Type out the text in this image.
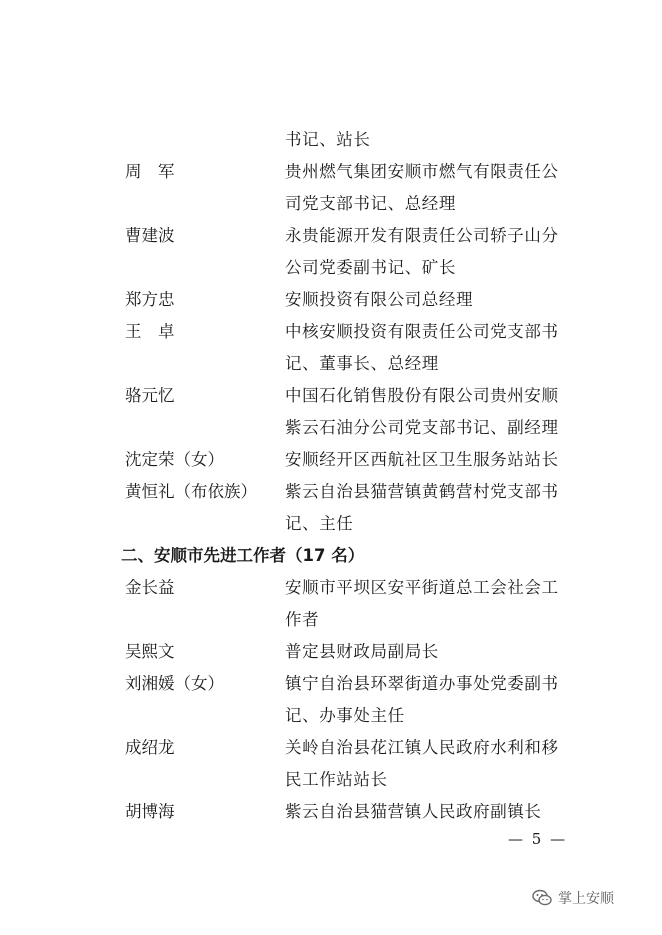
书记、站长
周　军	贵州燃气集团安顺市燃气有限责任公
司党支部书记、总经理
曹建波	永贵能源开发有限责任公司轿子山分
公司党委副书记、矿长
郑方忠	安顺投资有限公司总经理
王　卓	中核安顺投资有限责任公司党支部书
记、董事长、总经理
骆元忆	中国石化销售股份有限公司贵州安顺
紫云石油分公司党支部书记、副经理
沈定荣（女）	安顺经开区西航社区卫生服务站站长
黄恒礼（布依族） 紫云自治县猫营镇黄鹤营村党支部书
记、主任
二、安顺市先进工作者（17 名）
金长益	安顺市平坝区安平街道总工会社会工
作者
吴熙文	普定县财政局副局长
刘湘媛（女）	镇宁自治县环翠街道办事处党委副书
记、办事处主任
成绍龙	关岭自治县花江镇人民政府水利和移
民工作站站长
胡博海	紫云自治县猫营镇人民政府副镇长
— 5 —
掌上安顺
